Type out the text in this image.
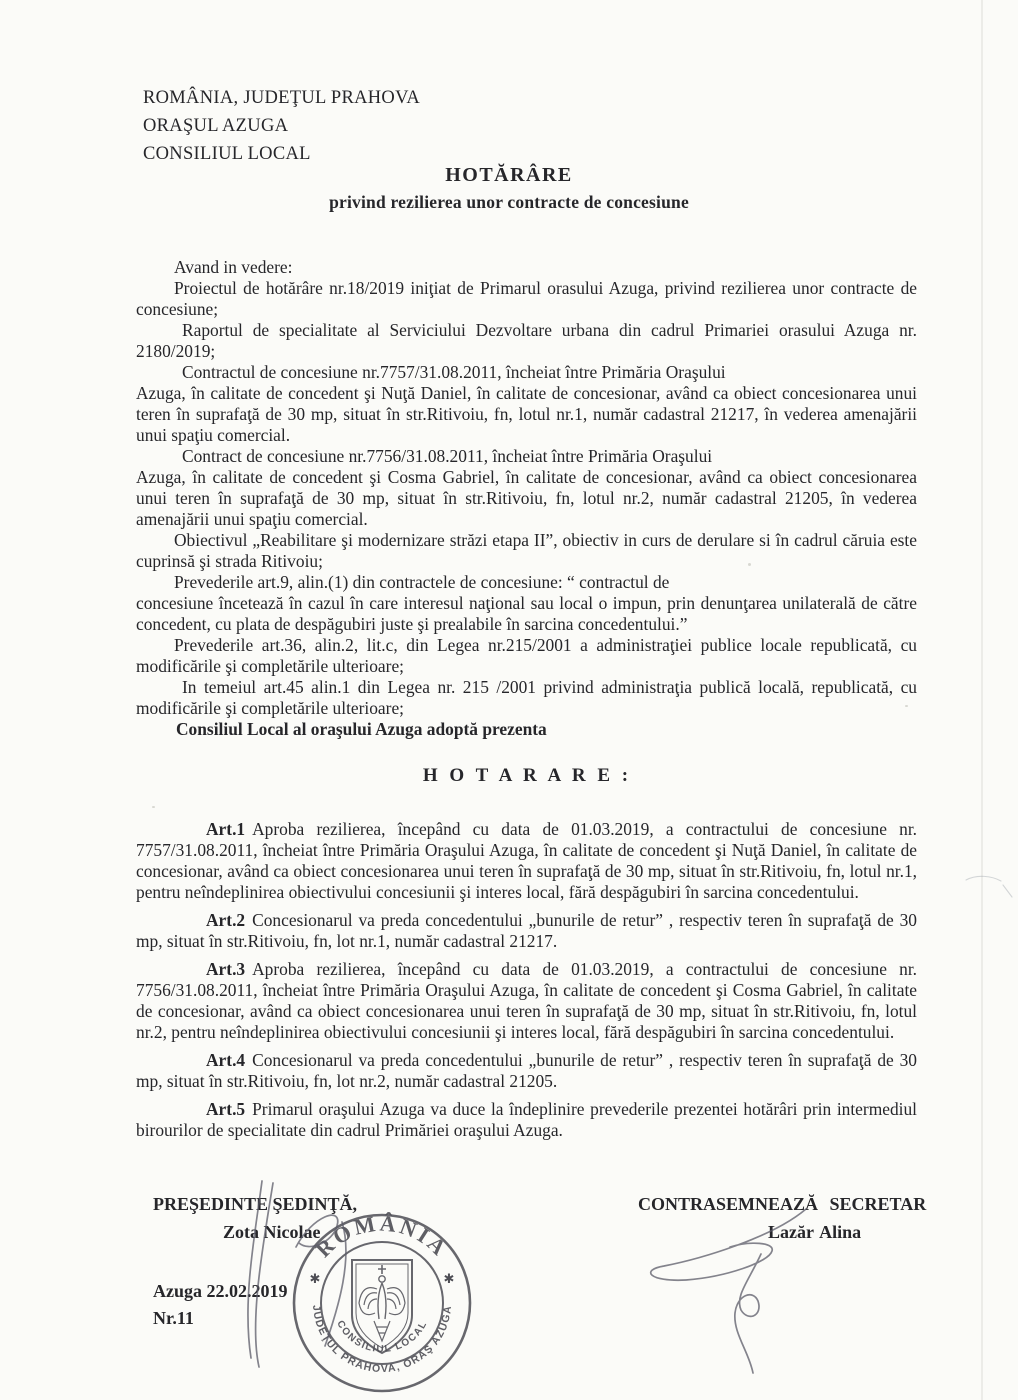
ROMÂNIA, JUDEŢUL PRAHOVA
ORAŞUL AZUGA
CONSILIUL LOCAL
HOTĂRÂRE
privind rezilierea unor contracte de concesiune

Avand in vedere:

Proiectul de hotărâre nr.18/2019 iniţiat de Primarul orasului Azuga, privind rezilierea unor contracte de concesiune;

Raportul de specialitate al Serviciului Dezvoltare urbana din cadrul Primariei orasului Azuga nr. 2180/2019;

Contractul de concesiune nr.7757/31.08.2011, încheiat între Primăria Oraşului
Azuga, în calitate de concedent şi Nuţă Daniel, în calitate de concesionar, având ca obiect concesionarea unui teren în suprafaţă de 30 mp, situat în str.Ritivoiu, fn, lotul nr.1, număr cadastral 21217, în vederea amenajării unui spaţiu comercial.

Contract de concesiune nr.7756/31.08.2011, încheiat între Primăria Oraşului
Azuga, în calitate de concedent şi Cosma Gabriel, în calitate de concesionar, având ca obiect concesionarea unui teren în suprafaţă de 30 mp, situat în str.Ritivoiu, fn, lotul nr.2, număr cadastral 21205, în vederea amenajării unui spaţiu comercial.

Obiectivul „Reabilitare şi modernizare străzi etapa II”, obiectiv in curs de derulare si în cadrul căruia este cuprinsă şi strada Ritivoiu;

Prevederile art.9, alin.(1) din contractele de concesiune: “ contractul de
concesiune încetează în cazul în care interesul naţional sau local o impun, prin denunţarea unilaterală de către concedent, cu plata de despăgubiri juste şi prealabile în sarcina concedentului.”

Prevederile art.36, alin.2, lit.c, din Legea nr.215/2001 a administraţiei publice locale republicată, cu modificările şi completările ulterioare;

In temeiul art.45 alin.1 din Legea nr. 215 /2001 privind administraţia publică locală, republicată, cu modificările şi completările ulterioare;

Consiliul Local al oraşului Azuga adoptă prezenta

H O T A R A R E :

Art.1 Aproba rezilierea, începând cu data de 01.03.2019, a contractului de concesiune nr. 7757/31.08.2011, încheiat între Primăria Oraşului Azuga, în calitate de concedent şi Nuţă Daniel, în calitate de concesionar, având ca obiect concesionarea unui teren în suprafaţă de 30 mp, situat în str.Ritivoiu, fn, lotul nr.1, pentru neîndeplinirea obiectivului concesiunii şi interes local, fără despăgubiri în sarcina concedentului.

Art.2 Concesionarul va preda concedentului „bunurile de retur” , respectiv teren în suprafaţă de 30 mp, situat în str.Ritivoiu, fn, lot nr.1, număr cadastral 21217.

Art.3 Aproba rezilierea, începând cu data de 01.03.2019, a contractului de concesiune nr. 7756/31.08.2011, încheiat între Primăria Oraşului Azuga, în calitate de concedent şi Cosma Gabriel, în calitate de concesionar, având ca obiect concesionarea unui teren în suprafaţă de 30 mp, situat în str.Ritivoiu, fn, lotul nr.2, pentru neîndeplinirea obiectivului concesiunii şi interes local, fără despăgubiri în sarcina concedentului.

Art.4 Concesionarul va preda concedentului „bunurile de retur” , respectiv teren în suprafaţă de 30 mp, situat în str.Ritivoiu, fn, lot nr.2, număr cadastral 21205.

Art.5 Primarul oraşului Azuga va duce la îndeplinire prevederile prezentei hotărâri prin intermediul birourilor de specialitate din cadrul Primăriei oraşului Azuga.

PREŞEDINTE ŞEDINŢĂ,
Zota Nicolae
Azuga 22.02.2019
Nr.11
CONTRASEMNEAZĂ SECRETAR
Lazăr Alina
ROMÂNIA
✱	✱
JUDEŢUL PRAHOVA, ORAŞ AZUGA
CONSILIUL LOCAL
